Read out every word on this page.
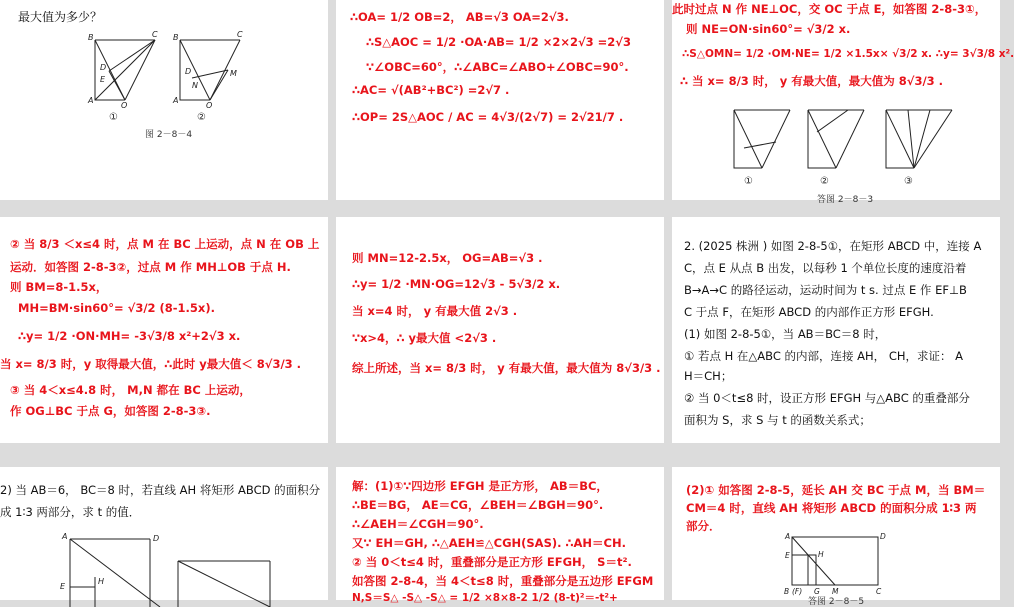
最大值为多少？
B	C
D
E
A
O
B	C
D
N
M
A
O
①	②
图 2－8－4
∴OA= 1/2 OB=2， AB=√3 OA=2√3.
∴S△AOC = 1/2 ·OA·AB= 1/2 ×2×2√3 =2√3
∵∠OBC=60°，∴∠ABC=∠ABO+∠OBC=90°.
∴AC= √(AB²+BC²) =2√7 .
∴OP= 2S△AOC / AC = 4√3/(2√7) = 2√21/7 .
此时过点 N 作 NE⊥OC，交 OC 于点 E，如答图 2-8-3①，
则 NE=ON·sin60°= √3/2 x.
∴S△OMN= 1/2 ·OM·NE= 1/2 ×1.5x× √3/2 x. ∴y= 3√3/8 x².
∴ 当 x= 8/3 时， y 有最大值，最大值为 8√3/3 .
①	②	③
答图 2－8－3
② 当 8/3 ＜x≤4 时，点 M 在 BC 上运动，点 N 在 OB 上
运动．如答图 2-8-3②，过点 M 作 MH⊥OB 于点 H.
则 BM=8-1.5x，
MH=BM·sin60°= √3/2 (8-1.5x).
∴y= 1/2 ·ON·MH= -3√3/8 x²+2√3 x.
当 x= 8/3 时，y 取得最大值，∴此时 y最大值＜ 8√3/3 .
③ 当 4＜x≤4.8 时， M,N 都在 BC 上运动，
作 OG⊥BC 于点 G，如答图 2-8-3③.
则 MN=12-2.5x， OG=AB=√3 .
∴y= 1/2 ·MN·OG=12√3 - 5√3/2 x.
当 x=4 时， y 有最大值 2√3 .
∵x>4，∴ y最大值 <2√3 .
综上所述，当 x= 8/3 时， y 有最大值，最大值为 8√3/3 .
2. (2025 株洲 ) 如图 2-8-5①，在矩形 ABCD 中，连接 A
C，点 E 从点 B 出发，以每秒 1 个单位长度的速度沿着
B→A→C 的路径运动，运动时间为 t s. 过点 E 作 EF⊥B
C 于点 F，在矩形 ABCD 的内部作正方形 EFGH.
(1) 如图 2-8-5①，当 AB＝BC＝8 时，
① 若点 H 在△ABC 的内部，连接 AH， CH，求证： A
H＝CH；
② 当 0＜t≤8 时，设正方形 EFGH 与△ABC 的重叠部分
面积为 S，求 S 与 t 的函数关系式；
2) 当 AB＝6， BC＝8 时，若直线 AH 将矩形 ABCD 的面积分
成 1∶3 两部分，求 t 的值．
A	D
E
H
解：(1)①∵四边形 EFGH 是正方形， AB＝BC，
∴BE＝BG， AE＝CG，∠BEH＝∠BGH＝90°.
∴∠AEH＝∠CGH＝90°.
又∵ EH＝GH, ∴△AEH≌△CGH(SAS). ∴AH＝CH.
② 当 0＜t≤4 时，重叠部分是正方形 EFGH， S＝t².
如答图 2-8-4，当 4＜t≤8 时，重叠部分是五边形 EFGM
N,S＝S△ -S△ -S△ = 1/2 ×8×8-2 1/2 (8-t)²＝-t²+
(2)① 如答图 2-8-5，延长 AH 交 BC 于点 M，当 BM＝
CM＝4 时，直线 AH 将矩形 ABCD 的面积分成 1∶3 两
部分．
A	D
E	H
B (F) G M	C
答图 2－8－5
